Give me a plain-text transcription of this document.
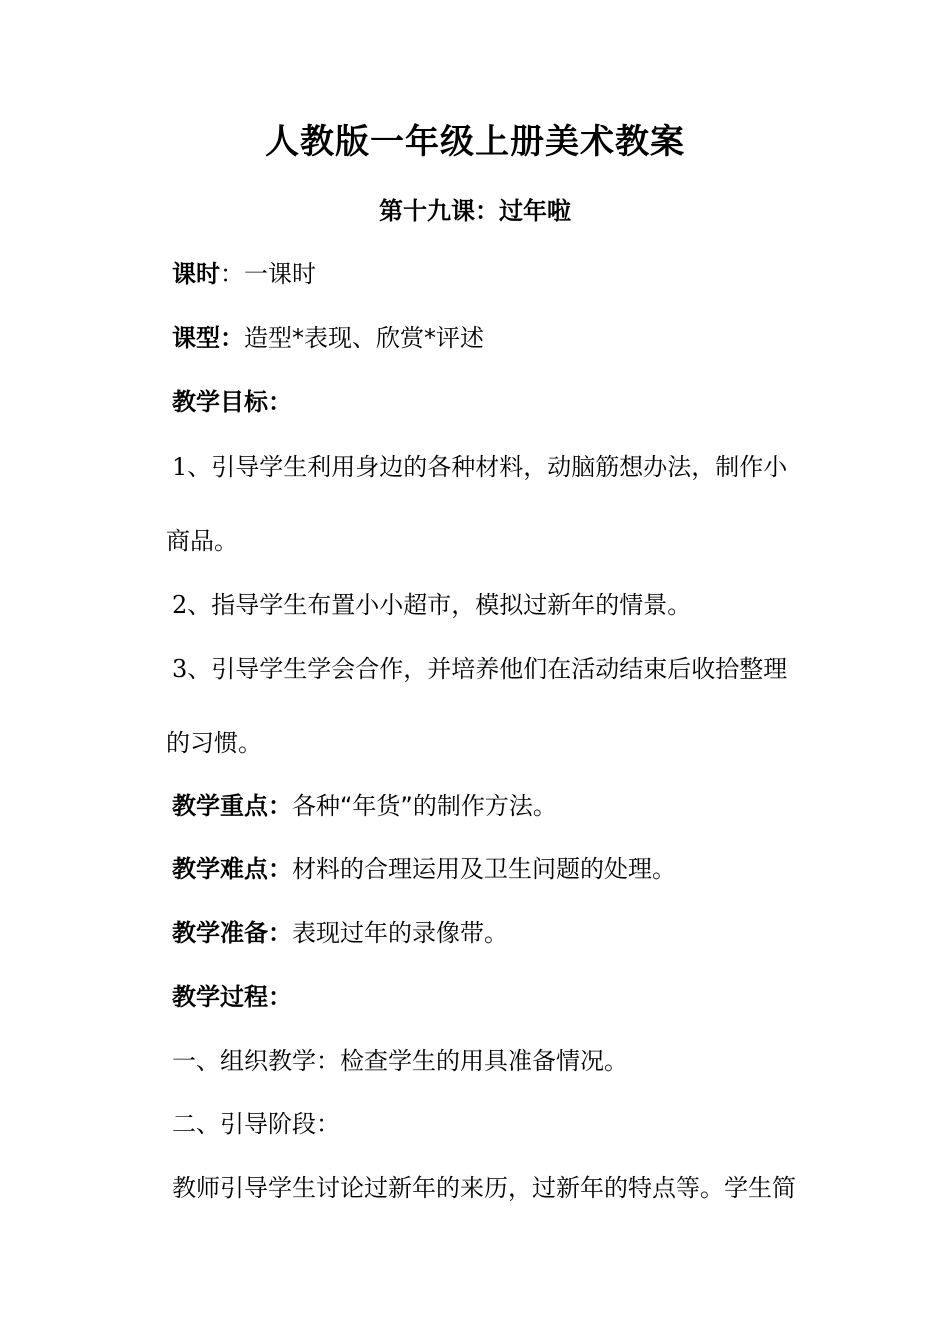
人教版一年级上册美术教案
第十九课：过年啦
课时：一课时
课型：造型*表现、欣赏*评述
教学目标：
1、引导学生利用身边的各种材料，动脑筋想办法，制作小
商品。
2、指导学生布置小小超市，模拟过新年的情景。
3、引导学生学会合作，并培养他们在活动结束后收拾整理
的习惯。
教学重点：各种“年货”的制作方法。
教学难点：材料的合理运用及卫生问题的处理。
教学准备：表现过年的录像带。
教学过程：
一、组织教学：检查学生的用具准备情况。
二、引导阶段：
教师引导学生讨论过新年的来历，过新年的特点等。学生简
